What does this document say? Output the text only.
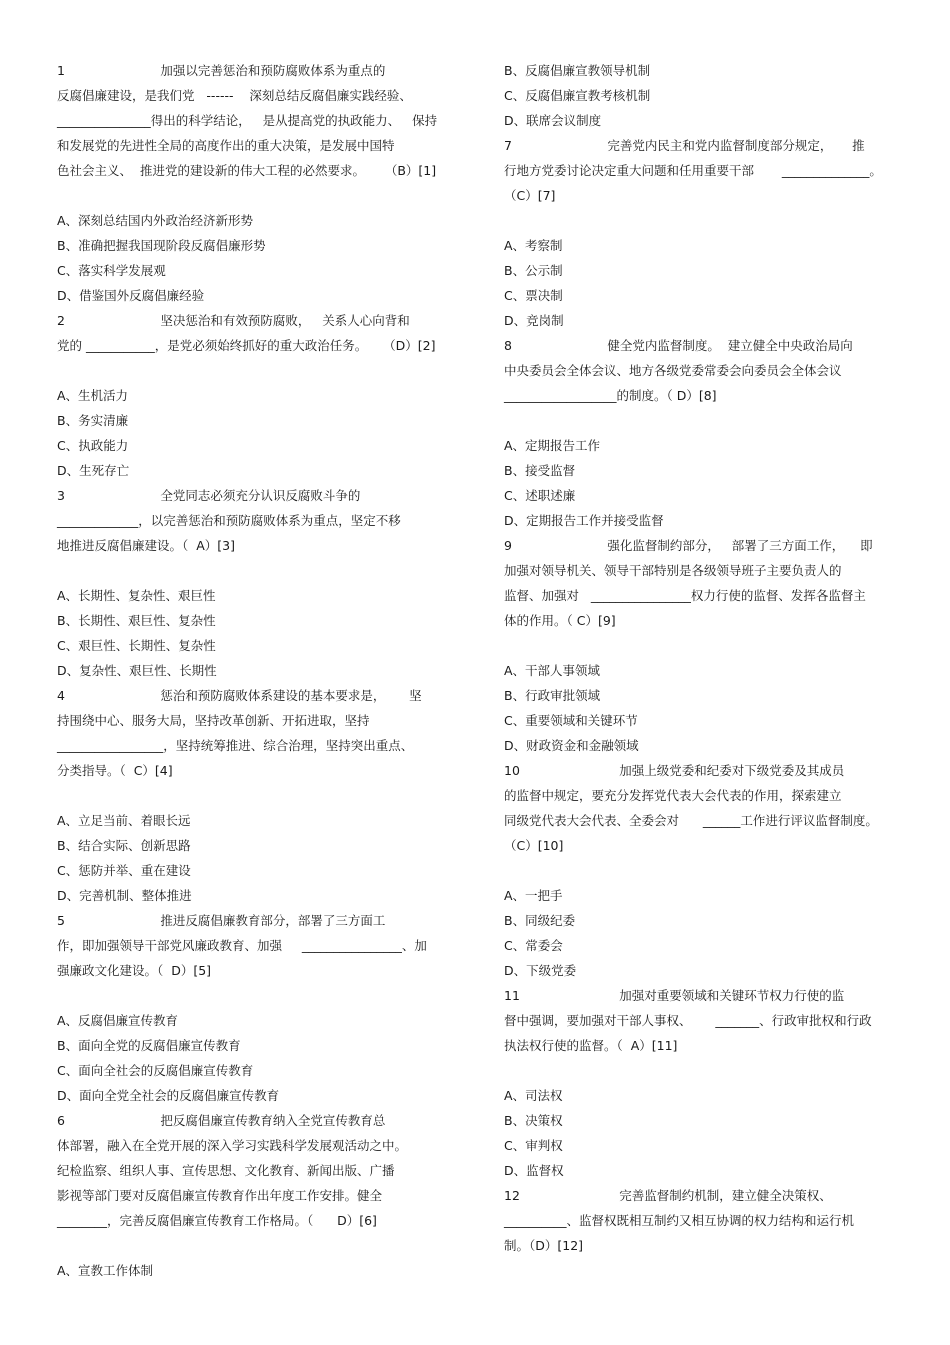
1                        加强以完善惩治和预防腐败体系为重点的
反腐倡廉建设，是我们党   ------    深刻总结反腐倡廉实践经验、
_______________得出的科学结论，   是从提高党的执政能力、   保持
和发展党的先进性全局的高度作出的重大决策，是发展中国特
色社会主义、  推进党的建设新的伟大工程的必然要求。     （B）[1]
A、深刻总结国内外政治经济新形势
B、准确把握我国现阶段反腐倡廉形势
C、落实科学发展观
D、借鉴国外反腐倡廉经验
2                        坚决惩治和有效预防腐败，   关系人心向背和
党的 ___________，是党必须始终抓好的重大政治任务。    （D）[2]
A、生机活力
B、务实清廉
C、执政能力
D、生死存亡
3                        全党同志必须充分认识反腐败斗争的
_____________，以完善惩治和预防腐败体系为重点，坚定不移
地推进反腐倡廉建设。（  A）[3]
A、长期性、复杂性、艰巨性
B、长期性、艰巨性、复杂性
C、艰巨性、长期性、复杂性
D、复杂性、艰巨性、长期性
4                        惩治和预防腐败体系建设的基本要求是，      坚
持围绕中心、服务大局，坚持改革创新、开拓进取，坚持
_________________，坚持统筹推进、综合治理，坚持突出重点、
分类指导。（  C）[4]
A、立足当前、着眼长远
B、结合实际、创新思路
C、惩防并举、重在建设
D、完善机制、整体推进
5                        推进反腐倡廉教育部分，部署了三方面工
作，即加强领导干部党风廉政教育、加强     ________________、加
强廉政文化建设。（  D）[5]
A、反腐倡廉宣传教育
B、面向全党的反腐倡廉宣传教育
C、面向全社会的反腐倡廉宣传教育
D、面向全党全社会的反腐倡廉宣传教育
6                        把反腐倡廉宣传教育纳入全党宣传教育总
体部署，融入在全党开展的深入学习实践科学发展观活动之中。
纪检监察、组织人事、宣传思想、文化教育、新闻出版、广播
影视等部门要对反腐倡廉宣传教育作出年度工作安排。健全
________，完善反腐倡廉宣传教育工作格局。（      D）[6]
A、宣教工作体制
B、反腐倡廉宣教领导机制
C、反腐倡廉宣教考核机制
D、联席会议制度
7                        完善党内民主和党内监督制度部分规定，     推
行地方党委讨论决定重大问题和任用重要干部       ______________。
（C）[7]
A、考察制
B、公示制
C、票决制
D、竞岗制
8                        健全党内监督制度。  建立健全中央政治局向
中央委员会全体会议、地方各级党委常委会向委员会全体会议
__________________的制度。（ D）[8]
A、定期报告工作
B、接受监督
C、述职述廉
D、定期报告工作并接受监督
9                        强化监督制约部分，   部署了三方面工作，    即
加强对领导机关、领导干部特别是各级领导班子主要负责人的
监督、加强对   ________________权力行使的监督、发挥各监督主
体的作用。（ C）[9]
A、干部人事领域
B、行政审批领域
C、重要领域和关键环节
D、财政资金和金融领域
10                         加强上级党委和纪委对下级党委及其成员
的监督中规定，要充分发挥党代表大会代表的作用，探索建立
同级党代表大会代表、全委会对      ______工作进行评议监督制度。
（C）[10]
A、一把手
B、同级纪委
C、常委会
D、下级党委
11                         加强对重要领域和关键环节权力行使的监
督中强调，要加强对干部人事权、      _______、行政审批权和行政
执法权行使的监督。（  A）[11]
A、司法权
B、决策权
C、审判权
D、监督权
12                         完善监督制约机制，建立健全决策权、
__________、监督权既相互制约又相互协调的权力结构和运行机
制。（D）[12]
